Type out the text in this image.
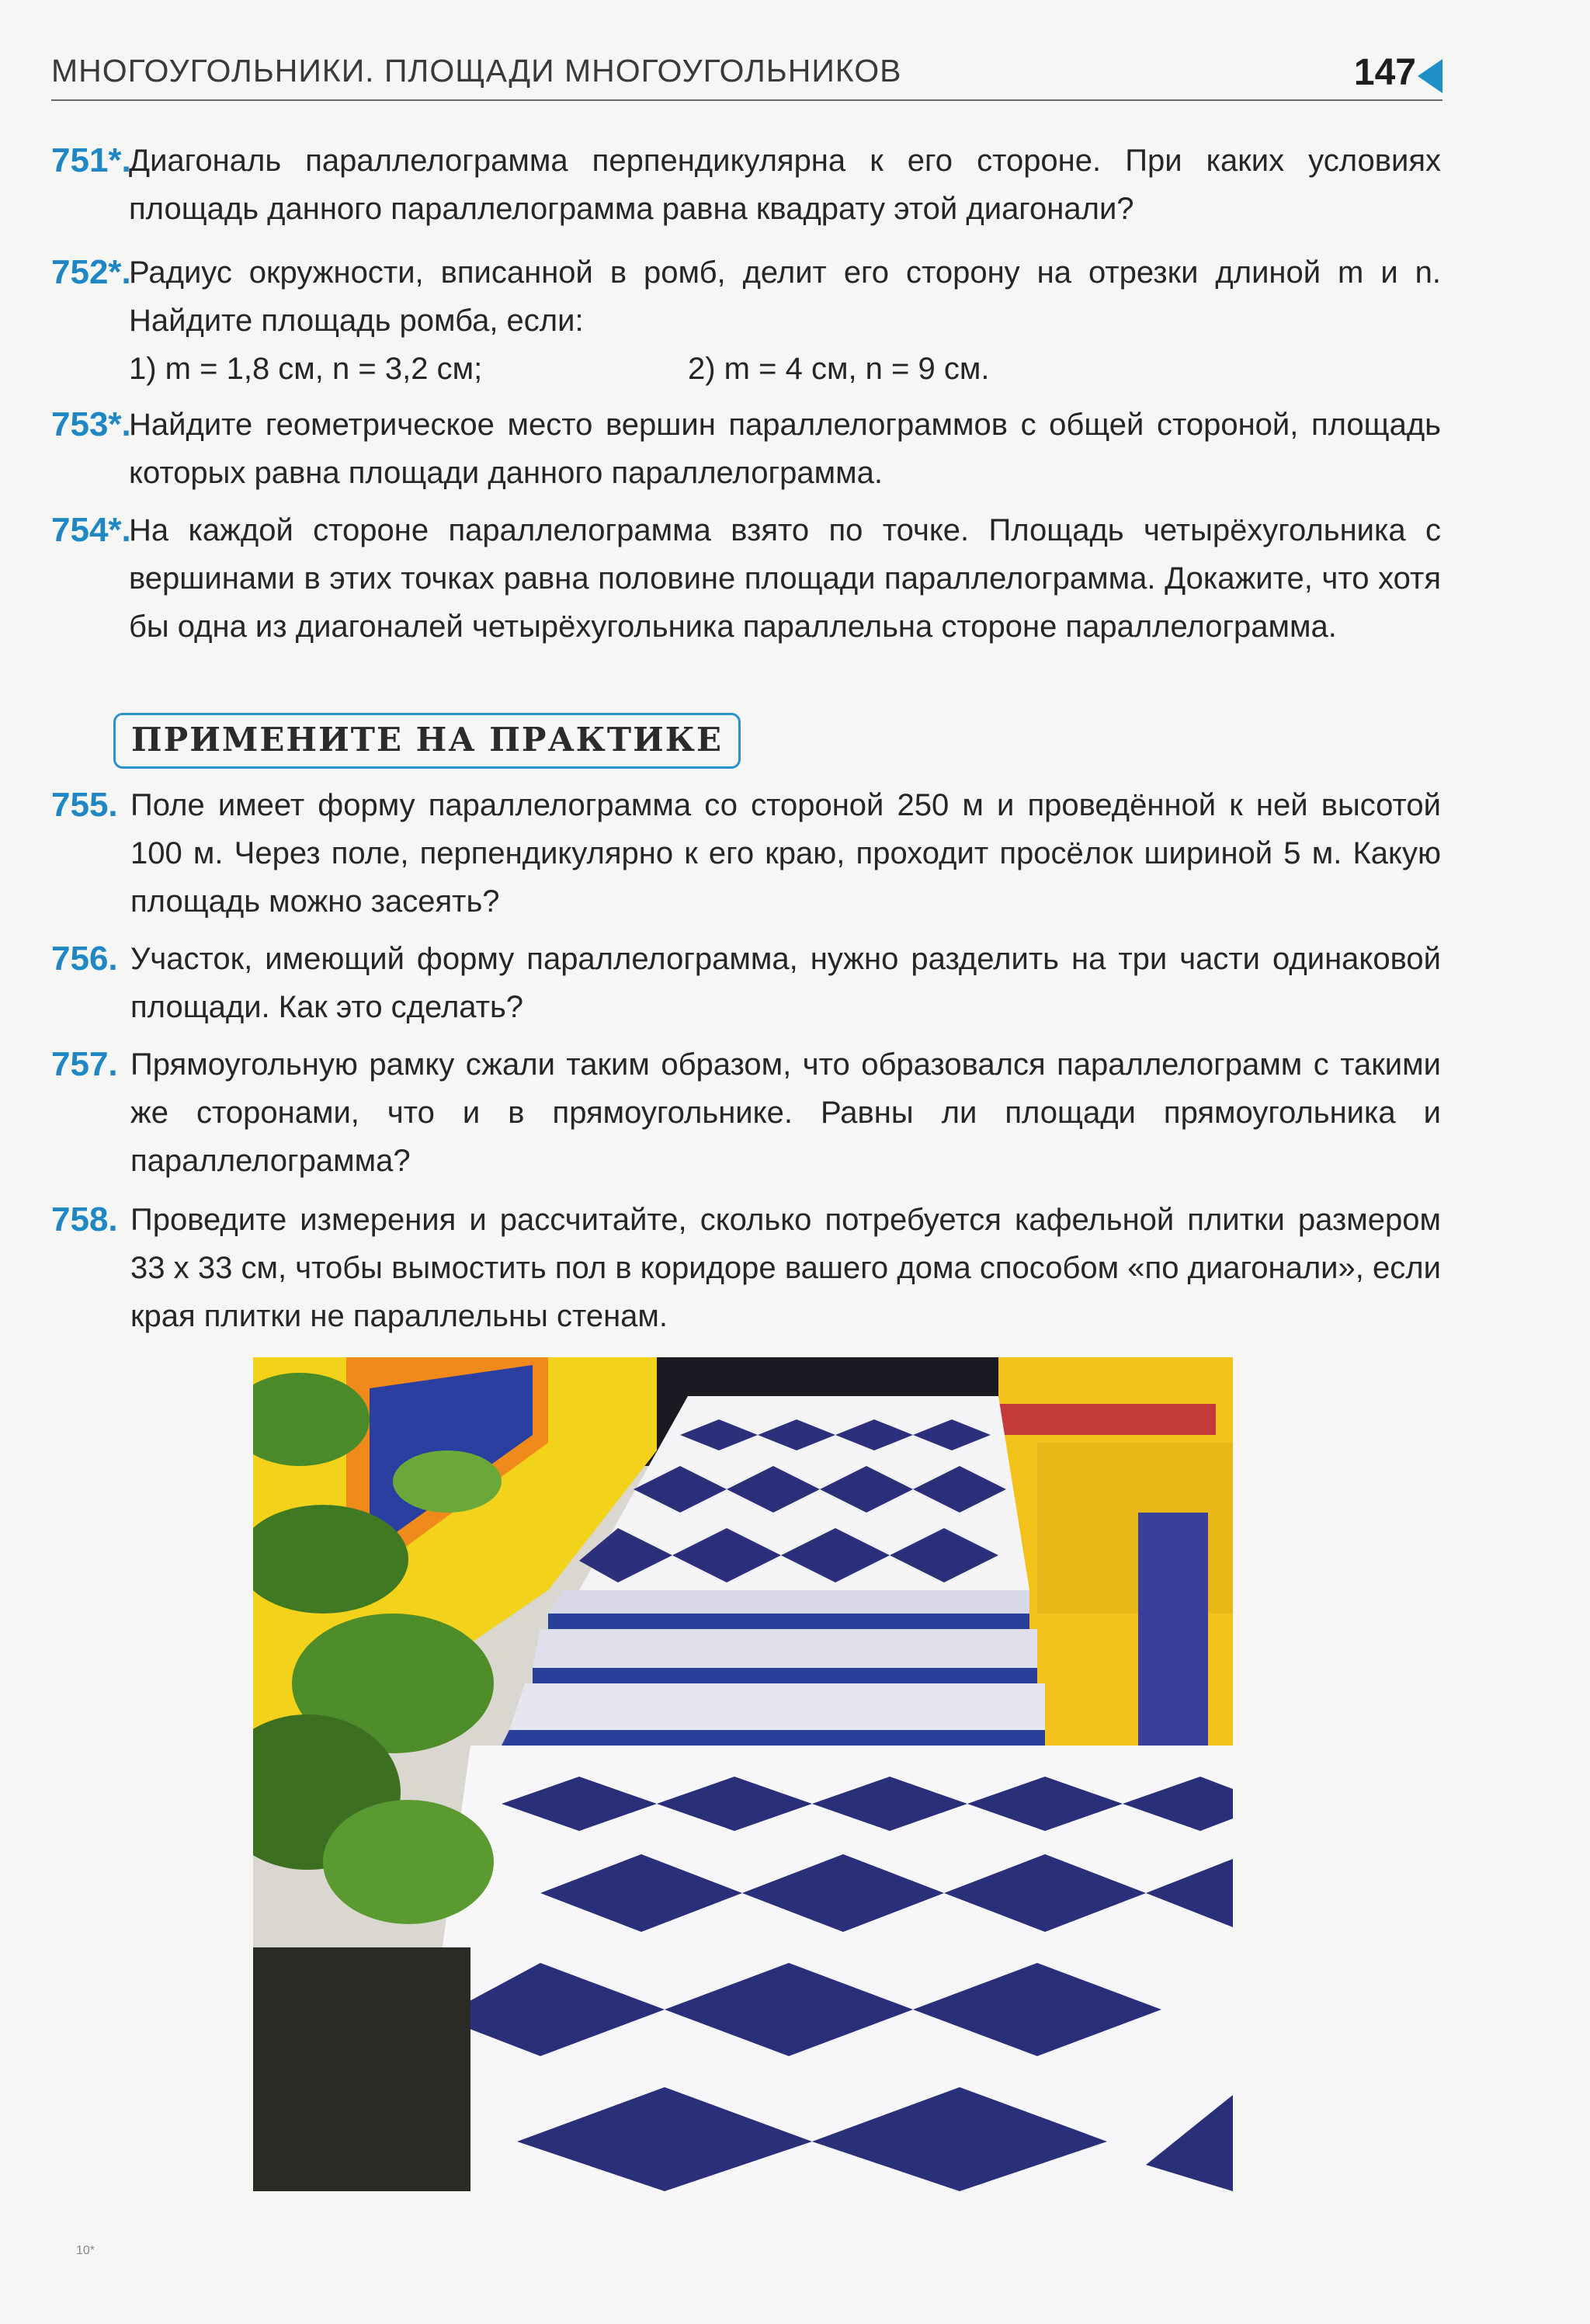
МНОГОУГОЛЬНИКИ. ПЛОЩАДИ МНОГОУГОЛЬНИКОВ	147
751*.
Диагональ параллелограмма перпендикулярна к его стороне. При каких условиях площадь данного параллелограмма равна квадрату этой диагонали?
752*.
Радиус окружности, вписанной в ромб, делит его сторону на отрезки длиной m и n. Найдите площадь ромба, если:
1) m = 1,8 см, n = 3,2 см;	2) m = 4 см, n = 9 см.
753*.
Найдите геометрическое место вершин параллелограммов с общей стороной, площадь которых равна площади данного параллелограмма.
754*.
На каждой стороне параллелограмма взято по точке. Площадь четырёхугольника с вершинами в этих точках равна половине площади параллелограмма. Докажите, что хотя бы одна из диагоналей четырёхугольника параллельна стороне параллелограмма.
ПРИМЕНИТЕ НА ПРАКТИКЕ
755. Поле имеет форму параллелограмма со стороной 250 м и проведённой к ней высотой 100 м. Через поле, перпендикулярно к его краю, проходит просёлок шириной 5 м. Какую площадь можно засеять?
756. Участок, имеющий форму параллелограмма, нужно разделить на три части одинаковой площади. Как это сделать?
757. Прямоугольную рамку сжали таким образом, что образовался параллелограмм с такими же сторонами, что и в прямоугольнике. Равны ли площади прямоугольника и параллелограмма?
758. Проведите измерения и рассчитайте, сколько потребуется кафельной плитки размером 33 x 33 см, чтобы вымостить пол в коридоре вашего дома способом «по диагонали», если края плитки не параллельны стенам.
10*
